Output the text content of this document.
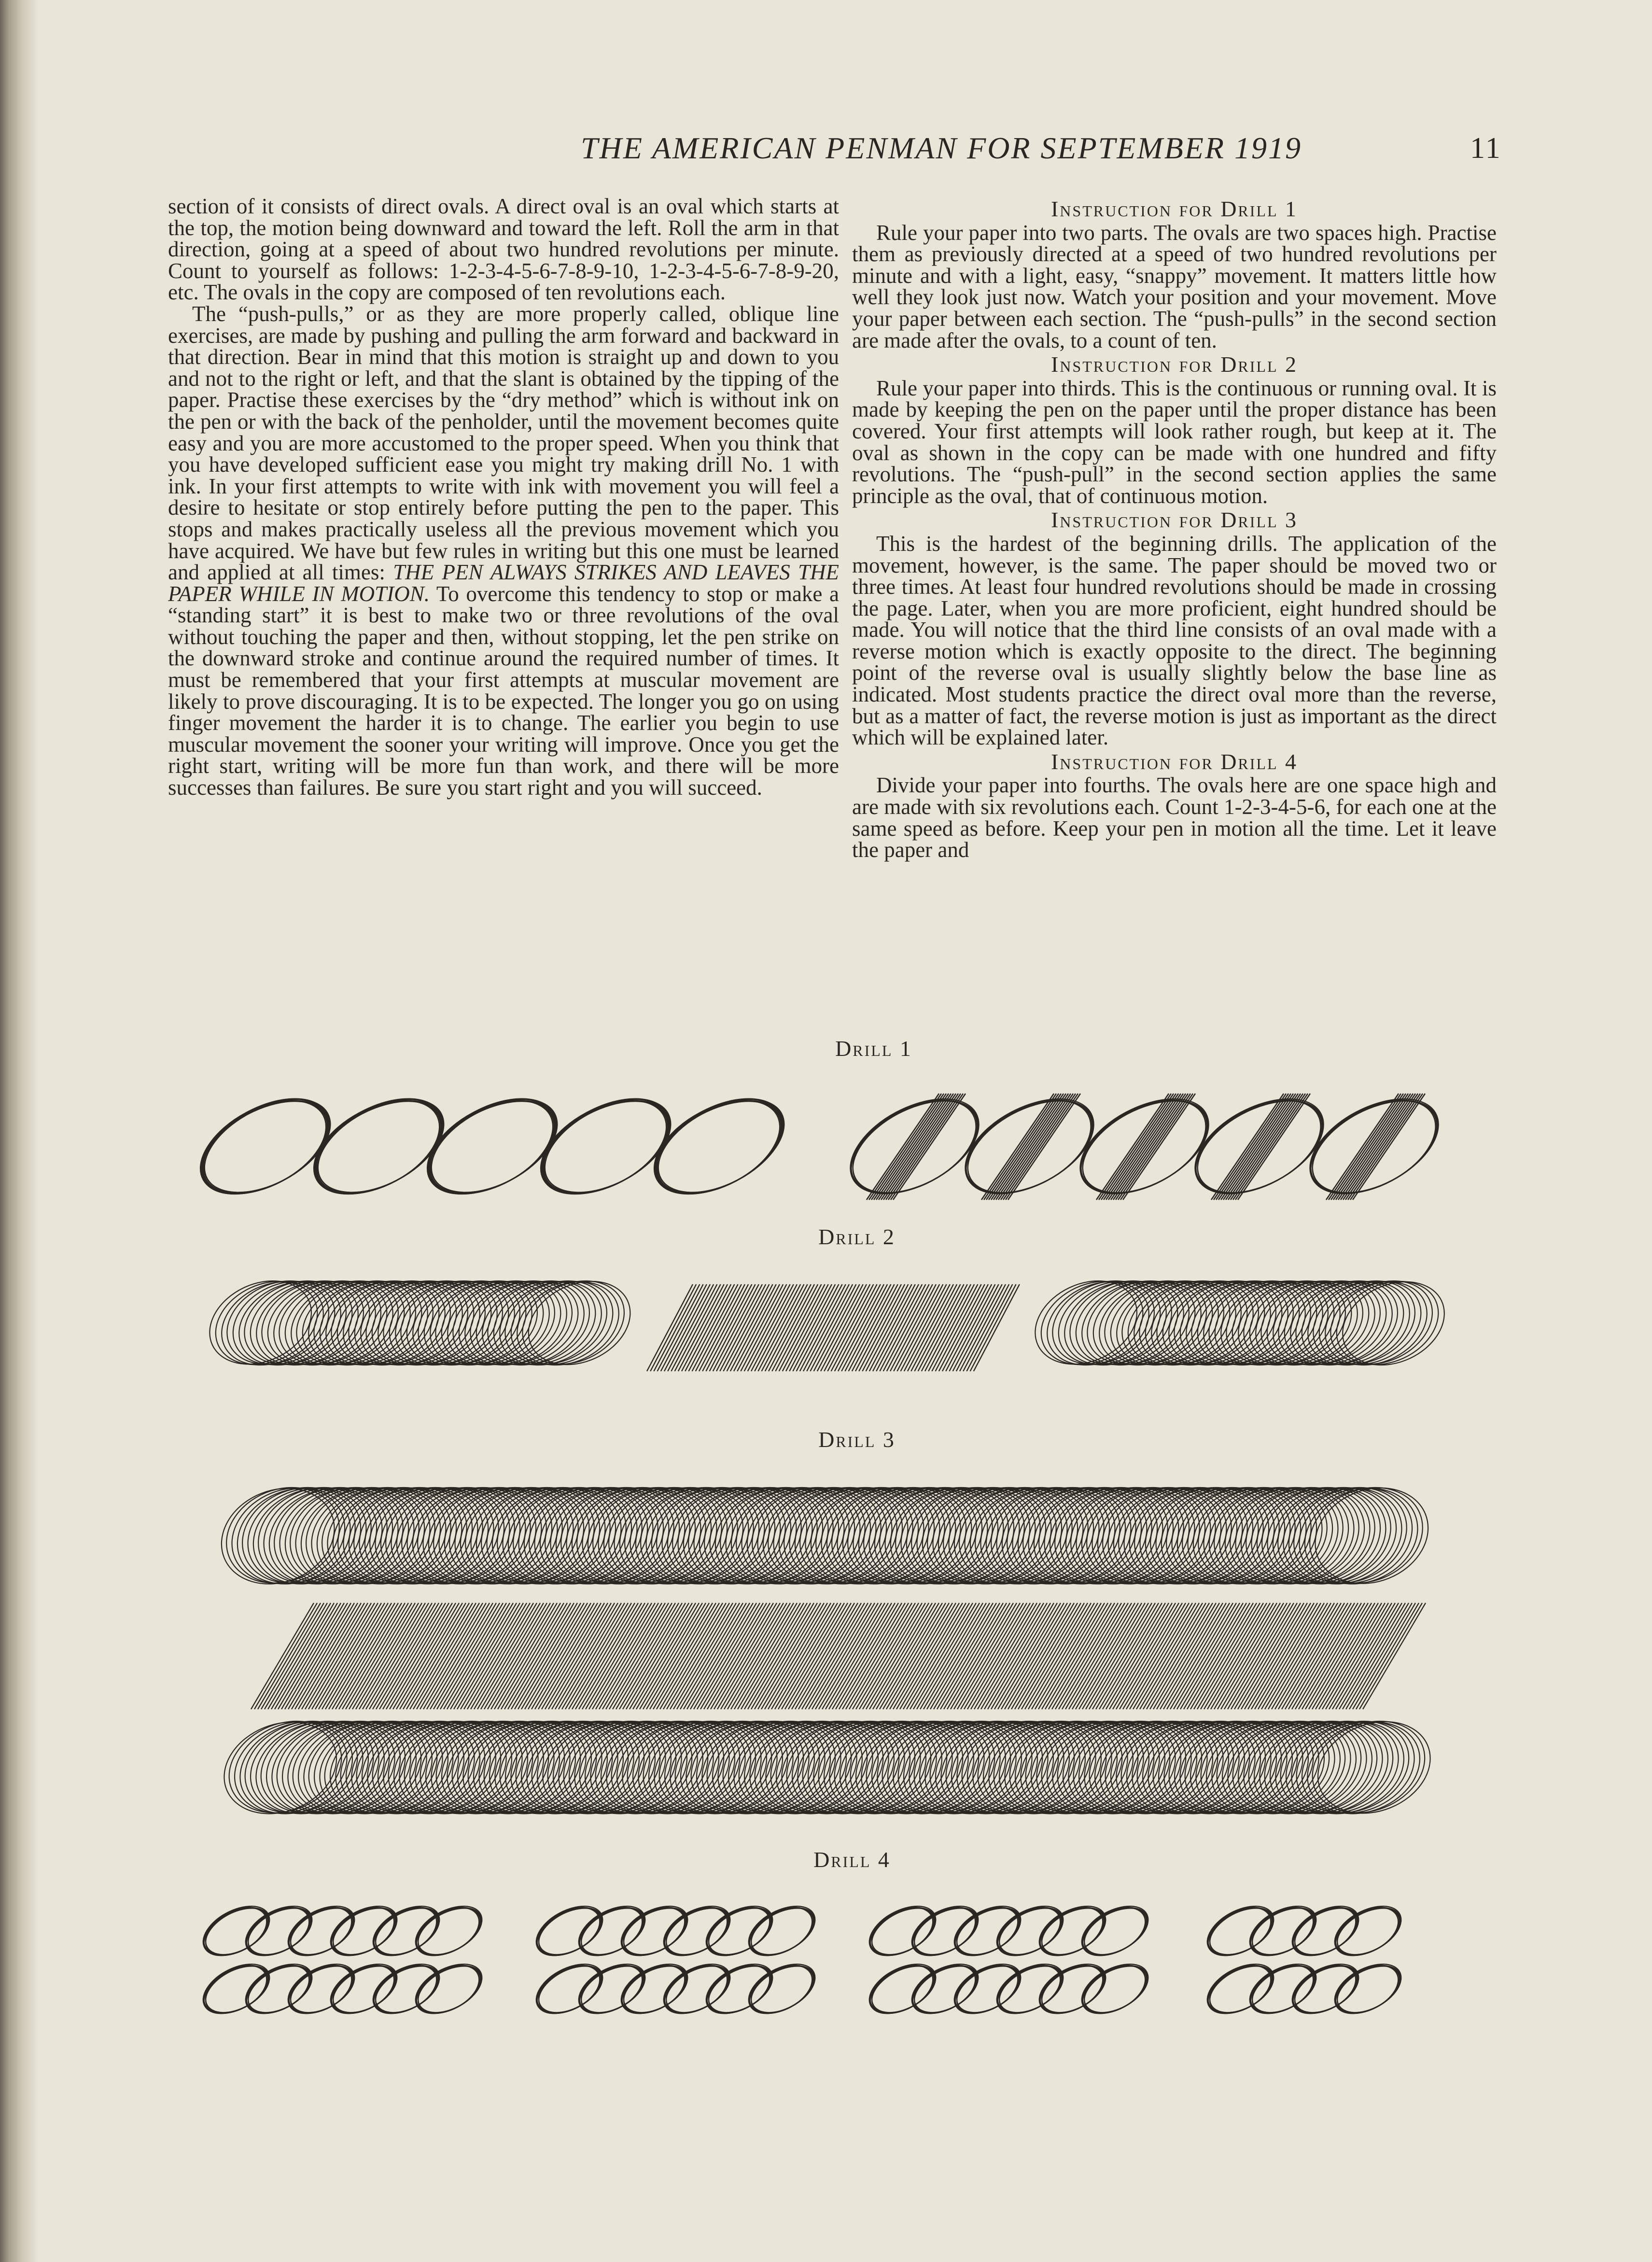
THE AMERICAN PENMAN FOR SEPTEMBER 1919	11

section of it consists of direct ovals. A direct oval is an oval which starts at the top, the motion being downward and toward the left. Roll the arm in that direction, going at a speed of about two hundred revolutions per minute. Count to yourself as follows: 1-2-3-4-5-6-7-8-9-10, 1-2-3-4-5-6-7-8-9-20, etc. The ovals in the copy are composed of ten revolutions each.

The “push-pulls,” or as they are more properly called, oblique line exercises, are made by pushing and pulling the arm forward and backward in that direction. Bear in mind that this motion is straight up and down to you and not to the right or left, and that the slant is obtained by the tipping of the paper. Practise these exercises by the “dry method” which is without ink on the pen or with the back of the penholder, until the movement becomes quite easy and you are more accustomed to the proper speed. When you think that you have developed sufficient ease you might try making drill No. 1 with ink. In your first attempts to write with ink with movement you will feel a desire to hesitate or stop entirely before putting the pen to the paper. This stops and makes practically useless all the previous movement which you have acquired. We have but few rules in writing but this one must be learned and applied at all times: THE PEN ALWAYS STRIKES AND LEAVES THE PAPER WHILE IN MOTION. To overcome this tendency to stop or make a “standing start” it is best to make two or three revolutions of the oval without touching the paper and then, without stopping, let the pen strike on the downward stroke and continue around the required number of times. It must be remembered that your first attempts at muscular movement are likely to prove discouraging. It is to be expected. The longer you go on using finger movement the harder it is to change. The earlier you begin to use muscular movement the sooner your writing will improve. Once you get the right start, writing will be more fun than work, and there will be more successes than failures. Be sure you start right and you will succeed.

Instruction for Drill 1

Rule your paper into two parts. The ovals are two spaces high. Practise them as previously directed at a speed of two hundred revolutions per minute and with a light, easy, “snappy” movement. It matters little how well they look just now. Watch your position and your movement. Move your paper between each section. The “push-pulls” in the second section are made after the ovals, to a count of ten.

Instruction for Drill 2

Rule your paper into thirds. This is the continuous or running oval. It is made by keeping the pen on the paper until the proper distance has been covered. Your first attempts will look rather rough, but keep at it. The oval as shown in the copy can be made with one hundred and fifty revolutions. The “push-pull” in the second section applies the same principle as the oval, that of continuous motion.

Instruction for Drill 3

This is the hardest of the beginning drills. The application of the movement, however, is the same. The paper should be moved two or three times. At least four hundred revolutions should be made in crossing the page. Later, when you are more proficient, eight hundred should be made. You will notice that the third line consists of an oval made with a reverse motion which is exactly opposite to the direct. The beginning point of the reverse oval is usually slightly below the base line as indicated. Most students practice the direct oval more than the reverse, but as a matter of fact, the reverse motion is just as important as the direct which will be explained later.

Instruction for Drill 4

Divide your paper into fourths. The ovals here are one space high and are made with six revolutions each. Count 1-2-3-4-5-6, for each one at the same speed as before. Keep your pen in motion all the time. Let it leave the paper and

Drill 1
Drill 2
Drill 3
Drill 4
